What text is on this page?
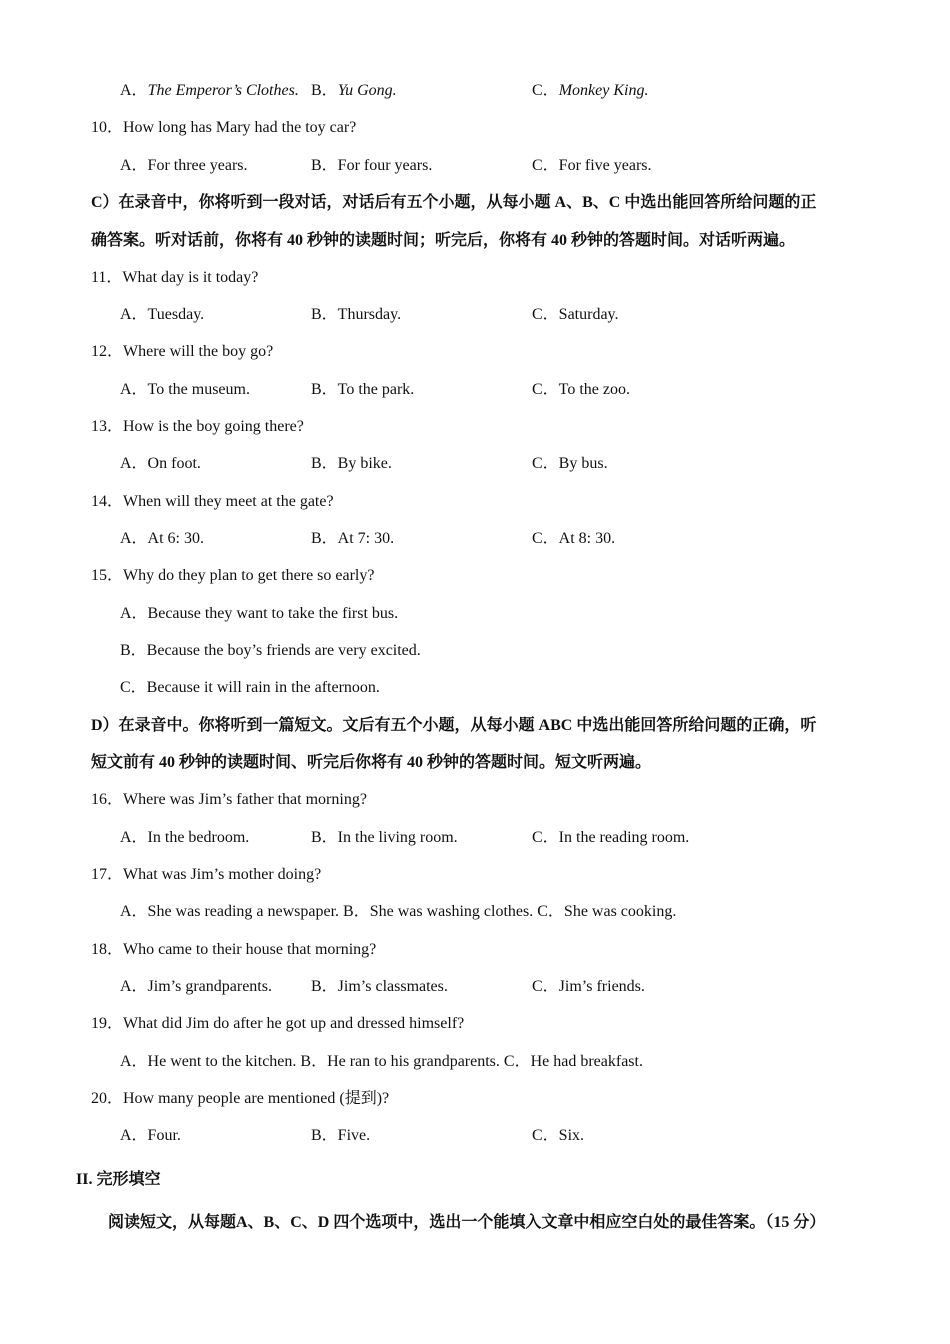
A．The Emperor’s Clothes. B．Yu Gong.	C．Monkey King.
10．How long has Mary had the toy car?
A．For three years.	B．For four years.	C．For five years.
C）在录音中，你将听到一段对话，对话后有五个小题，从每小题 A、B、C 中选出能回答所给问题的正
确答案。听对话前，你将有 40 秒钟的读题时间；听完后，你将有 40 秒钟的答题时间。对话听两遍。
11．What day is it today?
A．Tuesday.	B．Thursday.	C．Saturday.
12．Where will the boy go?
A．To the museum.	B．To the park.	C．To the zoo.
13．How is the boy going there?
A．On foot.	B．By bike.	C．By bus.
14．When will they meet at the gate?
A．At 6: 30.	B．At 7: 30.	C．At 8: 30.
15．Why do they plan to get there so early?
A．Because they want to take the first bus.
B．Because the boy’s friends are very excited.
C．Because it will rain in the afternoon.
D）在录音中。你将听到一篇短文。文后有五个小题，从每小题 ABC 中选出能回答所给问题的正确，听
短文前有 40 秒钟的读题时间、听完后你将有 40 秒钟的答题时间。短文听两遍。
16．Where was Jim’s father that morning?
A．In the bedroom.	B．In the living room.	C．In the reading room.
17．What was Jim’s mother doing?
A．She was reading a newspaper. B．She was washing clothes. C．She was cooking.
18．Who came to their house that morning?
A．Jim’s grandparents. B．Jim’s classmates.	C．Jim’s friends.
19．What did Jim do after he got up and dressed himself?
A．He went to the kitchen. B．He ran to his grandparents. C．He had breakfast.
20．How many people are mentioned (提到)?
A．Four.	B．Five.	C．Six.
II. 完形填空
阅读短文，从每题A、B、C、D 四个选项中，选出一个能填入文章中相应空白处的最佳答案。（15 分）
